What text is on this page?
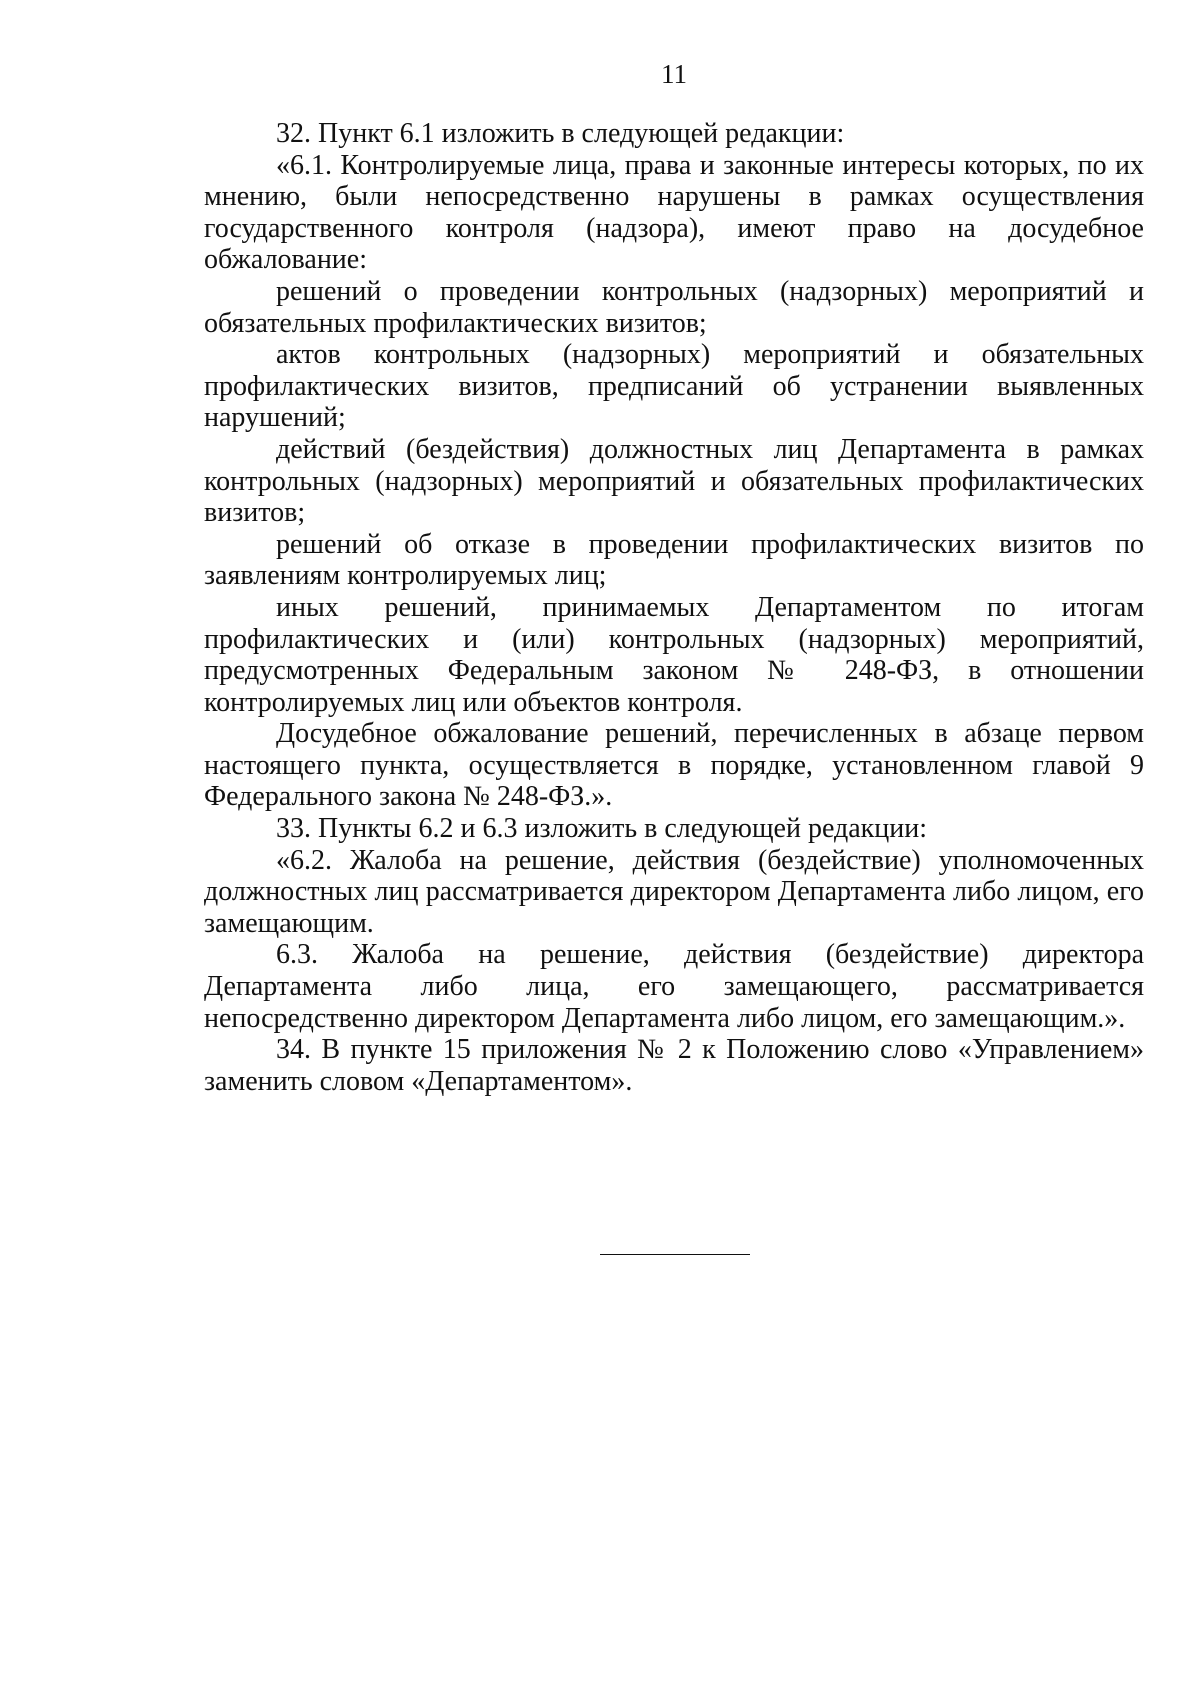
11

32. Пункт 6.1 изложить в следующей редакции:

«6.1. Контролируемые лица, права и законные интересы которых, по их мнению, были непосредственно нарушены в рамках осуществления государственного контроля (надзора), имеют право на досудебное обжалование:

решений о проведении контрольных (надзорных) мероприятий и обязательных профилактических визитов;

актов контрольных (надзорных) мероприятий и обязательных профилактических визитов, предписаний об устранении выявленных нарушений;

действий (бездействия) должностных лиц Департамента в рамках контрольных (надзорных) мероприятий и обязательных профилактических визитов;

решений об отказе в проведении профилактических визитов по заявлениям контролируемых лиц;

иных решений, принимаемых Департаментом по итогам профилактических и (или) контрольных (надзорных) мероприятий, предусмотренных Федеральным законом № 248-ФЗ, в отношении контролируемых лиц или объектов контроля.

Досудебное обжалование решений, перечисленных в абзаце первом настоящего пункта, осуществляется в порядке, установленном главой 9 Федерального закона № 248-ФЗ.».

33. Пункты 6.2 и 6.3 изложить в следующей редакции:

«6.2. Жалоба на решение, действия (бездействие) уполномоченных должностных лиц рассматривается директором Департамента либо лицом, его замещающим.

6.3. Жалоба на решение, действия (бездействие) директора Департамента либо лица, его замещающего, рассматривается непосредственно директором Департамента либо лицом, его замещающим.».

34. В пункте 15 приложения № 2 к Положению слово «Управлением» заменить словом «Департаментом».
